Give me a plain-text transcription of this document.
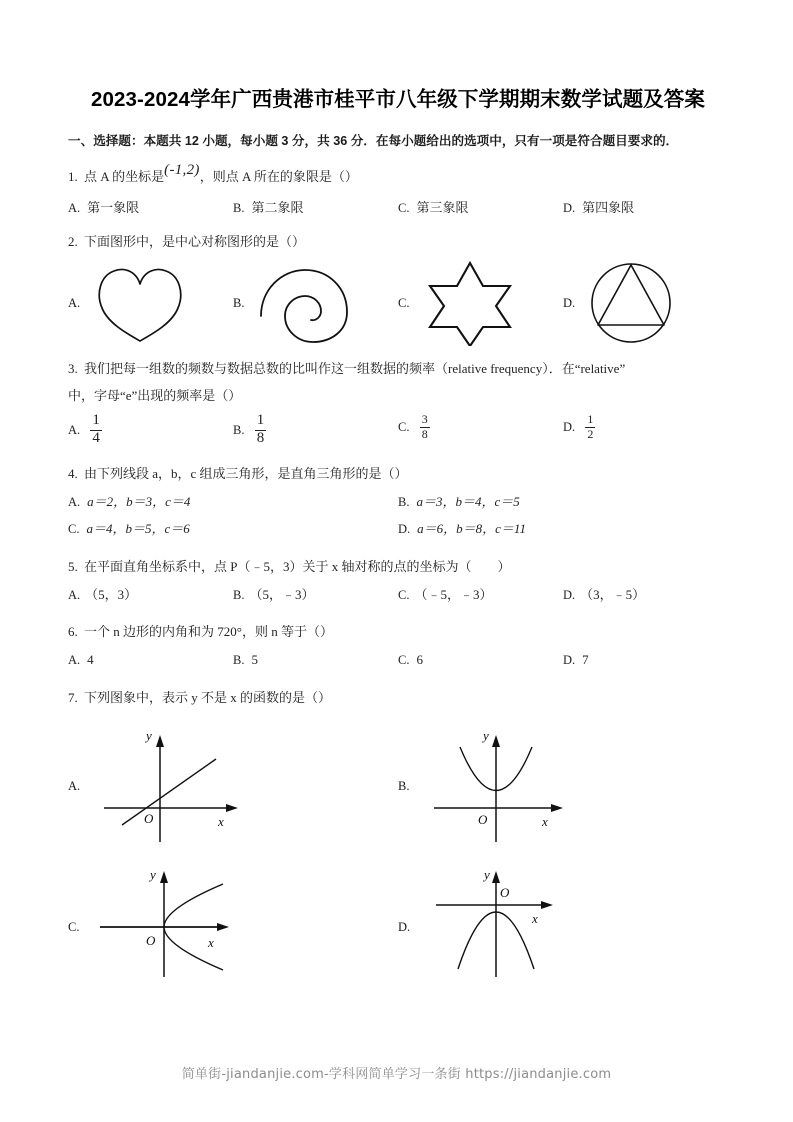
2023-2024学年广西贵港市桂平市八年级下学期期末数学试题及答案
一、选择题：本题共 12 小题，每小题 3 分，共 36 分．在每小题给出的选项中，只有一项是符合题目要求的．
1. 点 A 的坐标是(-1,2)，则点 A 所在的象限是（）
A. 第一象限	B. 第二象限	C. 第三象限	D. 第四象限
2. 下面图形中，是中心对称图形的是（）
A.	B.	C.	D.
3. 我们把每一组数的频数与数据总数的比叫作这一组数据的频率（relative frequency）．在“relative”
中，字母“e”出现的频率是（）
A. $\frac{1}{4}$	B. $\frac{1}{8}$	C. $\frac{3}{8}$	D. $\frac{1}{2}$
4. 由下列线段 a，b，c 组成三角形，是直角三角形的是（）
A. a＝2，b＝3，c＝4	B. a＝3，b＝4，c＝5
C. a＝4，b＝5，c＝6	D. a＝6，b＝8，c＝11
5. 在平面直角坐标系中，点 P（﹣5，3）关于 x 轴对称的点的坐标为（　　）
A. （5，3）	B. （5，﹣3）	C. （﹣5，﹣3）	D. （3，﹣5）
6. 一个 n 边形的内角和为 720°，则 n 等于（）
A. 4	B. 5	C. 6	D. 7
7. 下列图象中，表示 y 不是 x 的函数的是（）
A.
y
x
O
B.
y
x
O
C.
y
x
O
D.
y
x
O
简单街-jiandanjie.com-学科网简单学习一条街 https://jiandanjie.com
